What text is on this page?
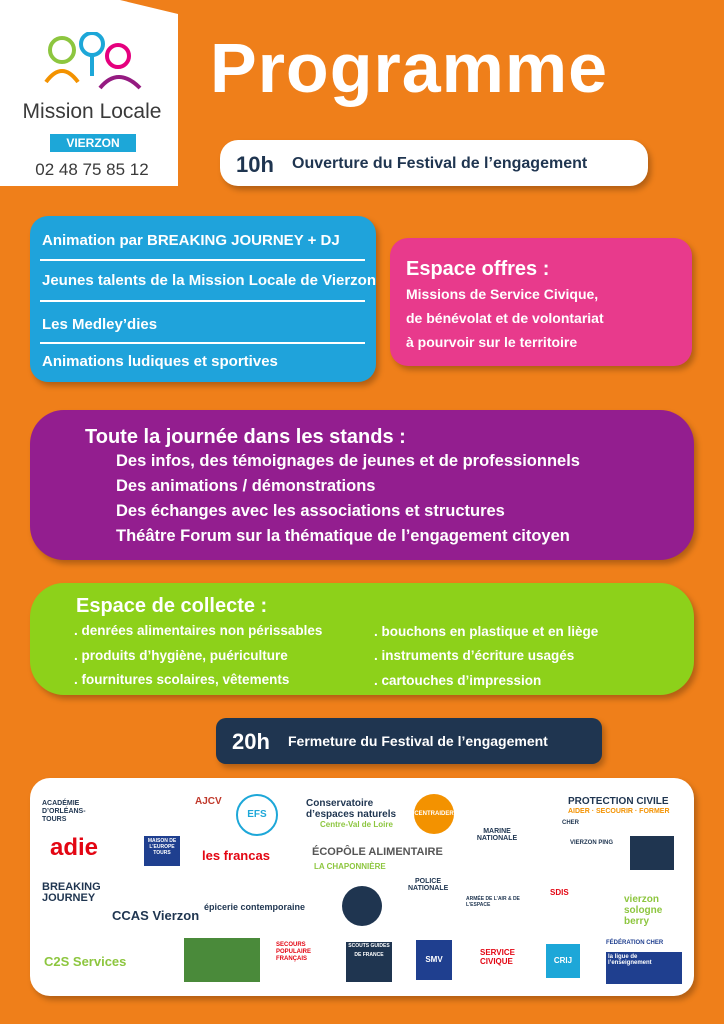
Mission Locale
VIERZON
02 48 75 85 12
Programme
10h Ouverture du Festival de l’engagement
Animation par BREAKING JOURNEY + DJ
Jeunes talents de la Mission Locale de Vierzon
Les Medley’dies
Animations ludiques et sportives
Espace offres :
Missions de Service Civique,
de bénévolat et de volontariat
à pourvoir sur le territoire
Toute la journée dans les stands :
Des infos, des témoignages de jeunes et de professionnels
Des animations / démonstrations
Des échanges avec les associations et structures
Théâtre Forum sur la thématique de l’engagement citoyen
Espace de collecte :
. denrées alimentaires non périssables
. produits d’hygiène, puériculture
. fournitures scolaires, vêtements
. bouchons en plastique et en liège
. instruments d’écriture usagés
. cartouches d’impression
20h Fermeture du Festival de l’engagement
ACADÉMIE D’ORLÉANS-TOURS
AJCV
EFS
Conservatoire d’espaces naturels
Centre-Val de Loire
CENTRAIDER
MARINE NATIONALE
PROTECTION CIVILE
AIDER · SECOURIR · FORMER
CHER
adie	MAISON DE L’EUROPE TOURS	les francas	ÉCOPÔLE ALIMENTAIRE
LA CHAPONNIÈRE
VIERZON PING
BREAKING JOURNEY
POLICE NATIONALE
ARMÉE DE L’AIR & DE L’ESPACE
SDIS
vierzon sologne berry
CCAS Vierzon
épicerie contemporaine
C2S Services
SECOURS POPULAIRE FRANÇAIS
SCOUTS GUIDES DE FRANCE	SMV
SERVICE CIVIQUE	CRIJ
FÉDÉRATION CHER
la ligue de l’enseignement
